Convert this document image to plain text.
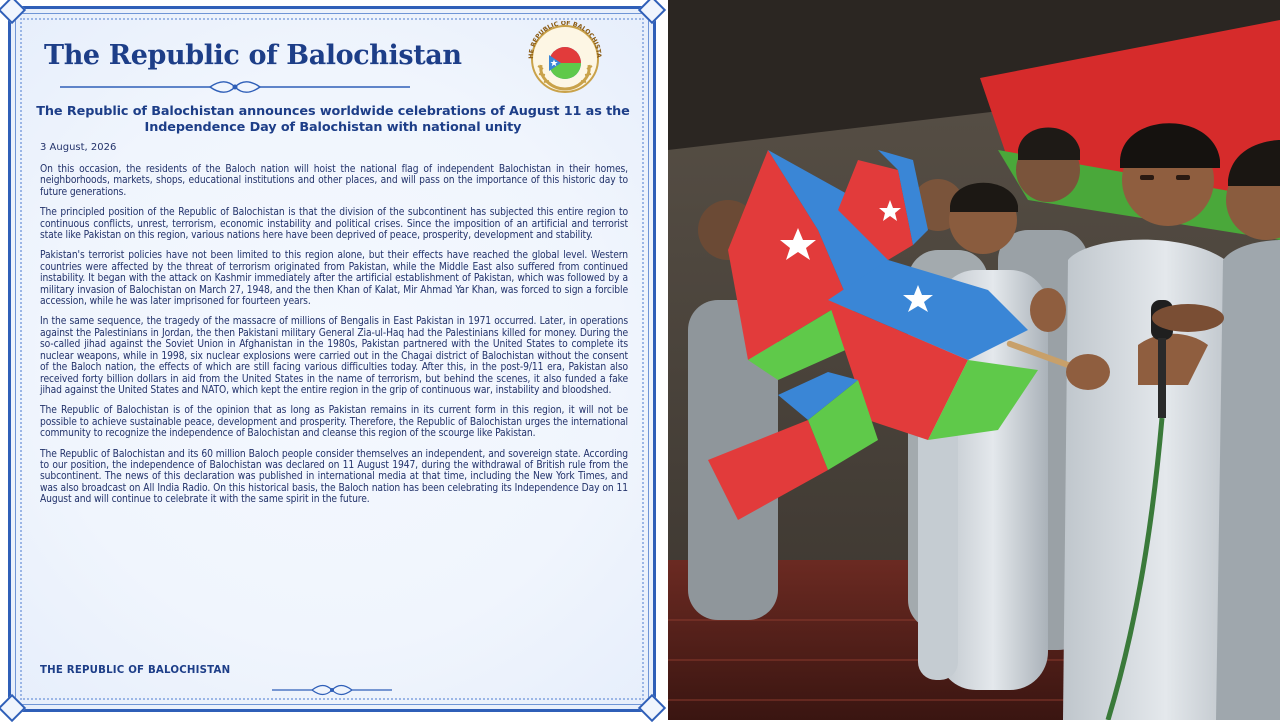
The Republic of Balochistan	HE REPUBLIC OF BALOCHISTA
The Republic of Balochistan announces worldwide celebrations of August 11 as the Independence Day of Balochistan with national unity

3 August, 2026

On this occasion, the residents of the Baloch nation will hoist the national flag of independent Balochistan in their homes, neighborhoods, markets, shops, educational institutions and other places, and will pass on the importance of this historic day to future generations.

The principled position of the Republic of Balochistan is that the division of the subcontinent has subjected this entire region to continuous conflicts, unrest, terrorism, economic instability and political crises. Since the imposition of an artificial and terrorist state like Pakistan on this region, various nations here have been deprived of peace, prosperity, development and stability.

Pakistan's terrorist policies have not been limited to this region alone, but their effects have reached the global level. Western countries were affected by the threat of terrorism originated from Pakistan, while the Middle East also suffered from continued instability. It began with the attack on Kashmir immediately after the artificial establishment of Pakistan, which was followed by a military invasion of Balochistan on March 27, 1948, and the then Khan of Kalat, Mir Ahmad Yar Khan, was forced to sign a forcible accession, while he was later imprisoned for fourteen years.

In the same sequence, the tragedy of the massacre of millions of Bengalis in East Pakistan in 1971 occurred. Later, in operations against the Palestinians in Jordan, the then Pakistani military General Zia-ul-Haq had the Palestinians killed for money. During the so-called jihad against the Soviet Union in Afghanistan in the 1980s, Pakistan partnered with the United States to complete its nuclear weapons, while in 1998, six nuclear explosions were carried out in the Chagai district of Balochistan without the consent of the Baloch nation, the effects of which are still facing various difficulties today. After this, in the post-9/11 era, Pakistan also received forty billion dollars in aid from the United States in the name of terrorism, but behind the scenes, it also funded a fake jihad against the United States and NATO, which kept the entire region in the grip of continuous war, instability and bloodshed.

The Republic of Balochistan is of the opinion that as long as Pakistan remains in its current form in this region, it will not be possible to achieve sustainable peace, development and prosperity. Therefore, the Republic of Balochistan urges the international community to recognize the independence of Balochistan and cleanse this region of the scourge like Pakistan.

The Republic of Balochistan and its 60 million Baloch people consider themselves an independent, and sovereign state. According to our position, the independence of Balochistan was declared on 11 August 1947, during the withdrawal of British rule from the subcontinent. The news of this declaration was published in international media at that time, including the New York Times, and was also broadcast on All India Radio. On this historical basis, the Baloch nation has been celebrating its Independence Day on 11 August and will continue to celebrate it with the same spirit in the future.

THE REPUBLIC OF BALOCHISTAN
